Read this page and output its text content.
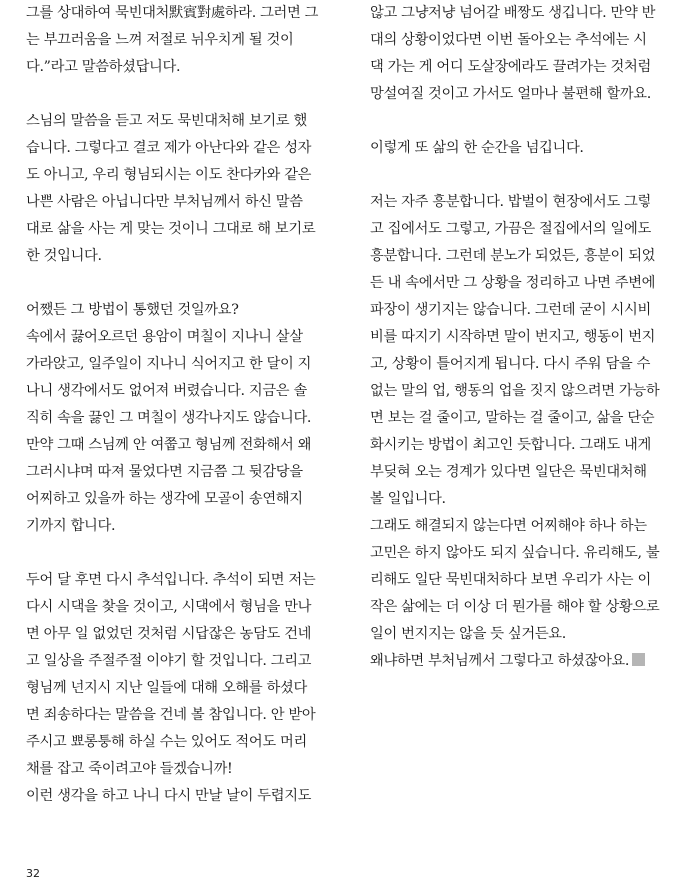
그를 상대하여 묵빈대처默賓對處하라. 그러면 그
는 부끄러움을 느껴 저절로 뉘우치게 될 것이
다.”라고 말씀하셨답니다.
스님의 말씀을 듣고 저도 묵빈대처해 보기로 했
습니다. 그렇다고 결코 제가 아난다와 같은 성자
도 아니고, 우리 형님되시는 이도 찬다카와 같은
나쁜 사람은 아닙니다만 부처님께서 하신 말씀
대로 삶을 사는 게 맞는 것이니 그대로 해 보기로
한 것입니다.
어쨌든 그 방법이 통했던 것일까요?
속에서 끓어오르던 용암이 며칠이 지나니 살살
가라앉고, 일주일이 지나니 식어지고 한 달이 지
나니 생각에서도 없어져 버렸습니다. 지금은 솔
직히 속을 끓인 그 며칠이 생각나지도 않습니다.
만약 그때 스님께 안 여쭙고 형님께 전화해서 왜
그러시냐며 따져 물었다면 지금쯤 그 뒷감당을
어찌하고 있을까 하는 생각에 모골이 송연해지
기까지 합니다.
두어 달 후면 다시 추석입니다. 추석이 되면 저는
다시 시댁을 찾을 것이고, 시댁에서 형님을 만나
면 아무 일 없었던 것처럼 시답잖은 농담도 건네
고 일상을 주절주절 이야기 할 것입니다. 그리고
형님께 넌지시 지난 일들에 대해 오해를 하셨다
면 죄송하다는 말씀을 건네 볼 참입니다. 안 받아
주시고 뾰롱퉁해 하실 수는 있어도 적어도 머리
채를 잡고 죽이려고야 들겠습니까!
이런 생각을 하고 나니 다시 만날 날이 두렵지도
않고 그냥저냥 넘어갈 배짱도 생깁니다. 만약 반
대의 상황이었다면 이번 돌아오는 추석에는 시
댁 가는 게 어디 도살장에라도 끌려가는 것처럼
망설여질 것이고 가서도 얼마나 불편해 할까요.
이렇게 또 삶의 한 순간을 넘깁니다.
저는 자주 흥분합니다. 밥벌이 현장에서도 그렇
고 집에서도 그렇고, 가끔은 절집에서의 일에도
흥분합니다. 그런데 분노가 되었든, 흥분이 되었
든 내 속에서만 그 상황을 정리하고 나면 주변에
파장이 생기지는 않습니다. 그런데 굳이 시시비
비를 따지기 시작하면 말이 번지고, 행동이 번지
고, 상황이 틀어지게 됩니다. 다시 주워 담을 수
없는 말의 업, 행동의 업을 짓지 않으려면 가능하
면 보는 걸 줄이고, 말하는 걸 줄이고, 삶을 단순
화시키는 방법이 최고인 듯합니다. 그래도 내게
부딪혀 오는 경계가 있다면 일단은 묵빈대처해
볼 일입니다.
그래도 해결되지 않는다면 어찌해야 하나 하는
고민은 하지 않아도 되지 싶습니다. 유리해도, 불
리해도 일단 묵빈대처하다 보면 우리가 사는 이
작은 삶에는 더 이상 더 뭔가를 해야 할 상황으로
일이 번지지는 않을 듯 싶거든요.
왜냐하면 부처님께서 그렇다고 하셨잖아요.
32
